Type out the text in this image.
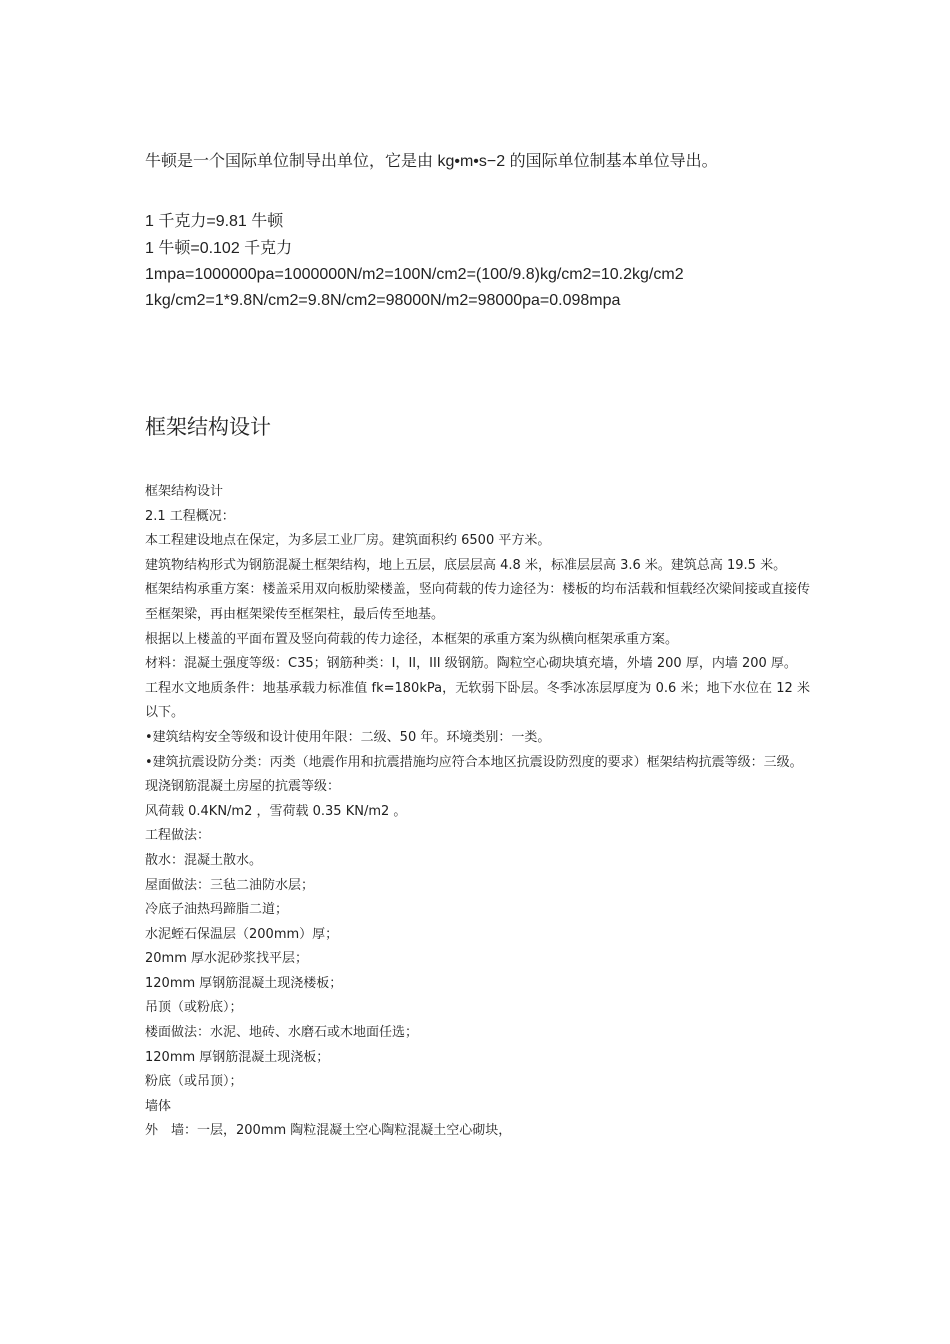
牛顿是一个国际单位制导出单位，它是由 kg•m•s−2 的国际单位制基本单位导出。
1 千克力=9.81 牛顿
1 牛顿=0.102 千克力
1mpa=1000000pa=1000000N/m2=100N/cm2=(100/9.8)kg/cm2=10.2kg/cm2
1kg/cm2=1*9.8N/cm2=9.8N/cm2=98000N/m2=98000pa=0.098mpa
框架结构设计
框架结构设计
2.1 工程概况：
本工程建设地点在保定，为多层工业厂房。建筑面积约 6500 平方米。
建筑物结构形式为钢筋混凝土框架结构，地上五层，底层层高 4.8 米，标准层层高 3.6 米。建筑总高 19.5 米。
框架结构承重方案：楼盖采用双向板肋梁楼盖，竖向荷载的传力途径为：楼板的均布活载和恒载经次梁间接或直接传至框架梁，再由框架梁传至框架柱，最后传至地基。
根据以上楼盖的平面布置及竖向荷载的传力途径，本框架的承重方案为纵横向框架承重方案。
材料：混凝土强度等级：C35；钢筋种类：I，II，III 级钢筋。陶粒空心砌块填充墙，外墙 200 厚，内墙 200 厚。
工程水文地质条件：地基承载力标准值 fk=180kPa，无软弱下卧层。冬季冰冻层厚度为 0.6 米；地下水位在 12 米以下。
•建筑结构安全等级和设计使用年限：二级、50 年。环境类别：一类。
•建筑抗震设防分类：丙类（地震作用和抗震措施均应符合本地区抗震设防烈度的要求）框架结构抗震等级：三级。
现浇钢筋混凝土房屋的抗震等级：
风荷载 0.4KN/m2 ，雪荷载 0.35 KN/m2 。
工程做法：
散水：混凝土散水。
屋面做法：三毡二油防水层；
冷底子油热玛蹄脂二道；
水泥蛭石保温层（200mm）厚；
20mm 厚水泥砂浆找平层；
120mm 厚钢筋混凝土现浇楼板；
吊顶（或粉底）；
楼面做法：水泥、地砖、水磨石或木地面任选；
120mm 厚钢筋混凝土现浇板；
粉底（或吊顶）；
墙体
外　墙：一层，200mm 陶粒混凝土空心陶粒混凝土空心砌块，
